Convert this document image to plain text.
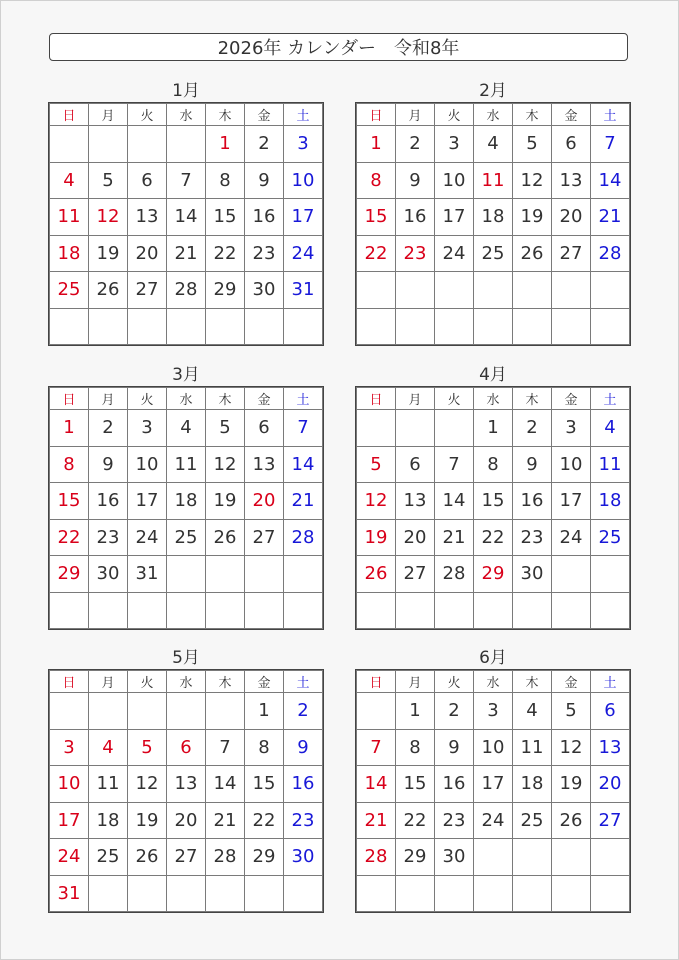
2026年 カレンダー　令和8年
1月
日	月	火	水	木	金	土
				1	2	3
4	5	6	7	8	9	10
11	12	13	14	15	16	17
18	19	20	21	22	23	24
25	26	27	28	29	30	31

2月
日	月	火	水	木	金	土
1	2	3	4	5	6	7
8	9	10	11	12	13	14
15	16	17	18	19	20	21
22	23	24	25	26	27	28

3月
日	月	火	水	木	金	土
1	2	3	4	5	6	7
8	9	10	11	12	13	14
15	16	17	18	19	20	21
22	23	24	25	26	27	28
29	30	31				

4月
日	月	火	水	木	金	土
			1	2	3	4
5	6	7	8	9	10	11
12	13	14	15	16	17	18
19	20	21	22	23	24	25
26	27	28	29	30		

5月
日	月	火	水	木	金	土
					1	2
3	4	5	6	7	8	9
10	11	12	13	14	15	16
17	18	19	20	21	22	23
24	25	26	27	28	29	30
31						
6月
日	月	火	水	木	金	土
	1	2	3	4	5	6
7	8	9	10	11	12	13
14	15	16	17	18	19	20
21	22	23	24	25	26	27
28	29	30				
